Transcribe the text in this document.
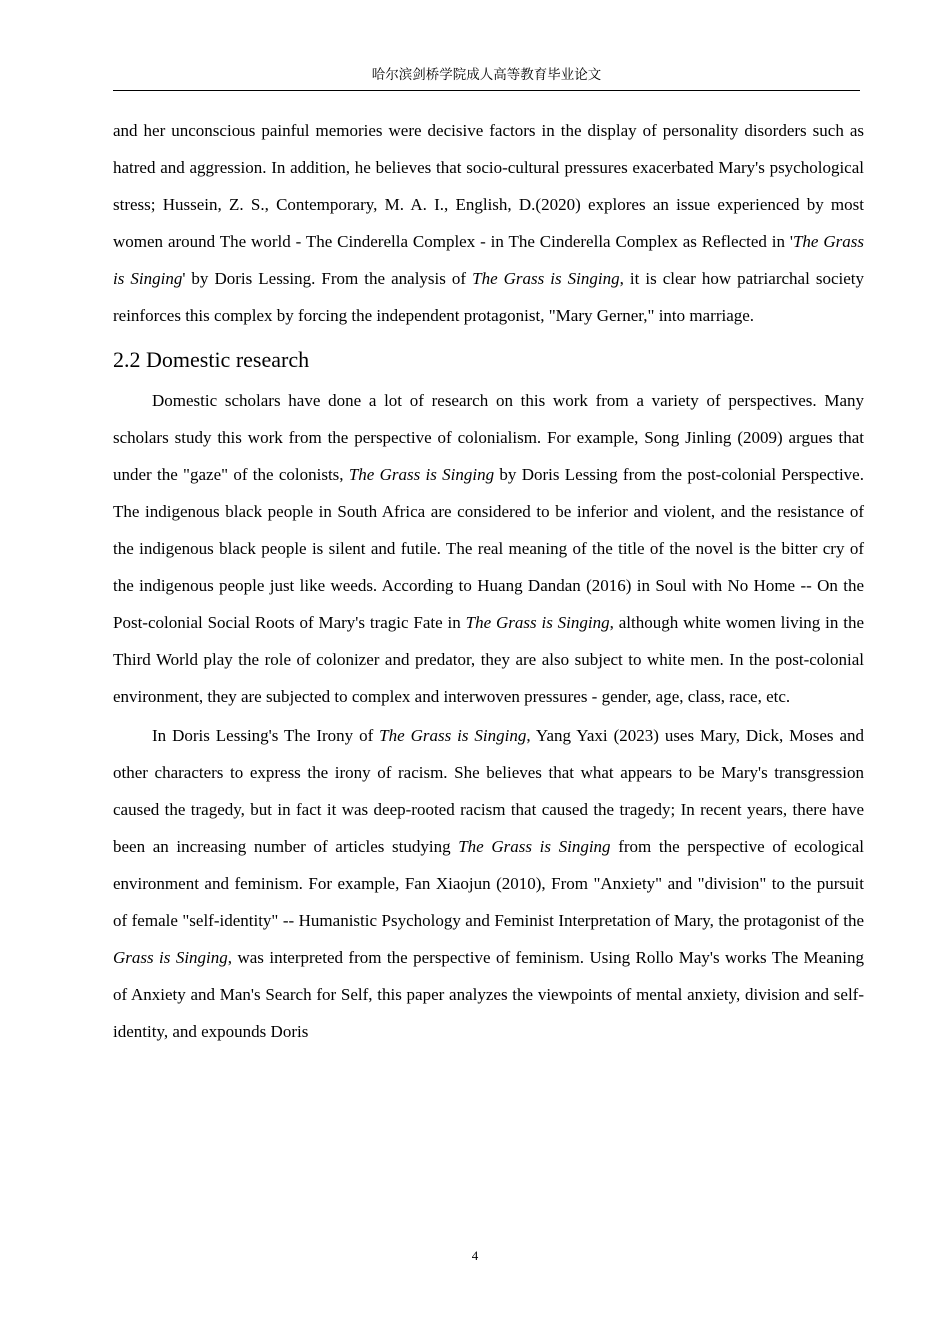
哈尔滨剑桥学院成人高等教育毕业论文

and her unconscious painful memories were decisive factors in the display of personality disorders such as hatred and aggression. In addition, he believes that socio-cultural pressures exacerbated Mary's psychological stress; Hussein, Z. S., Contemporary, M. A. I., English, D.(2020) explores an issue experienced by most women around The world - The Cinderella Complex - in The Cinderella Complex as Reflected in 'The Grass is Singing' by Doris Lessing. From the analysis of The Grass is Singing, it is clear how patriarchal society reinforces this complex by forcing the independent protagonist, "Mary Gerner," into marriage.

2.2 Domestic research

Domestic scholars have done a lot of research on this work from a variety of perspectives. Many scholars study this work from the perspective of colonialism. For example, Song Jinling (2009) argues that under the "gaze" of the colonists, The Grass is Singing by Doris Lessing from the post-colonial Perspective. The indigenous black people in South Africa are considered to be inferior and violent, and the resistance of the indigenous black people is silent and futile. The real meaning of the title of the novel is the bitter cry of the indigenous people just like weeds. According to Huang Dandan (2016) in Soul with No Home -- On the Post-colonial Social Roots of Mary's tragic Fate in The Grass is Singing, although white women living in the Third World play the role of colonizer and predator, they are also subject to white men. In the post-colonial environment, they are subjected to complex and interwoven pressures - gender, age, class, race, etc.

In Doris Lessing's The Irony of The Grass is Singing, Yang Yaxi (2023) uses Mary, Dick, Moses and other characters to express the irony of racism. She believes that what appears to be Mary's transgression caused the tragedy, but in fact it was deep-rooted racism that caused the tragedy; In recent years, there have been an increasing number of articles studying The Grass is Singing from the perspective of ecological environment and feminism. For example, Fan Xiaojun (2010), From "Anxiety" and "division" to the pursuit of female "self-identity" -- Humanistic Psychology and Feminist Interpretation of Mary, the protagonist of the Grass is Singing, was interpreted from the perspective of feminism. Using Rollo May's works The Meaning of Anxiety and Man's Search for Self, this paper analyzes the viewpoints of mental anxiety, division and self-identity, and expounds Doris

4
